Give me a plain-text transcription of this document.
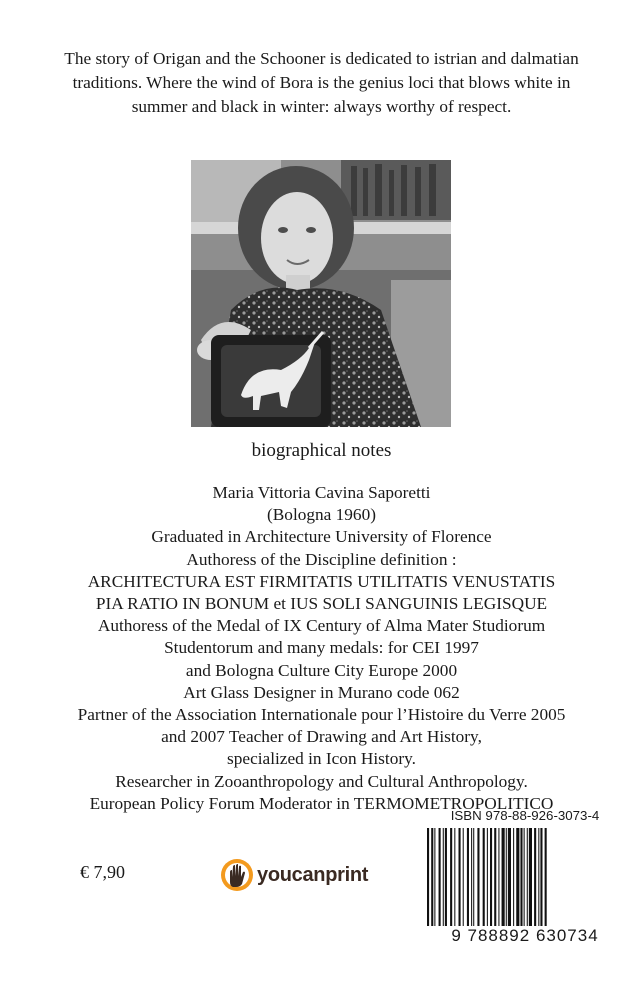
The story of Origan and the Schooner is dedicated to istrian and dalmatian
traditions. Where the wind of Bora is the genius loci that blows white in
summer and black in winter: always worthy of respect.
biographical notes
Maria Vittoria Cavina Saporetti
(Bologna 1960)
Graduated in Architecture University of Florence
Authoress of the Discipline definition :
ARCHITECTURA EST FIRMITATIS UTILITATIS VENUSTATIS
PIA RATIO IN BONUM et IUS SOLI SANGUINIS LEGISQUE
Authoress of the Medal of IX Century of Alma Mater Studiorum
Studentorum and many medals: for CEI 1997
and Bologna Culture City Europe 2000
Art Glass Designer in Murano code 062
Partner of the Association Internationale pour l’Histoire du Verre 2005
and 2007 Teacher of Drawing and Art History,
specialized in Icon History.
Researcher in Zooanthropology and Cultural Anthropology.
European Policy Forum Moderator in TERMOMETROPOLITICO
€ 7,90	youcanprint
ISBN 978-88-926-3073-4
9 788892 630734
